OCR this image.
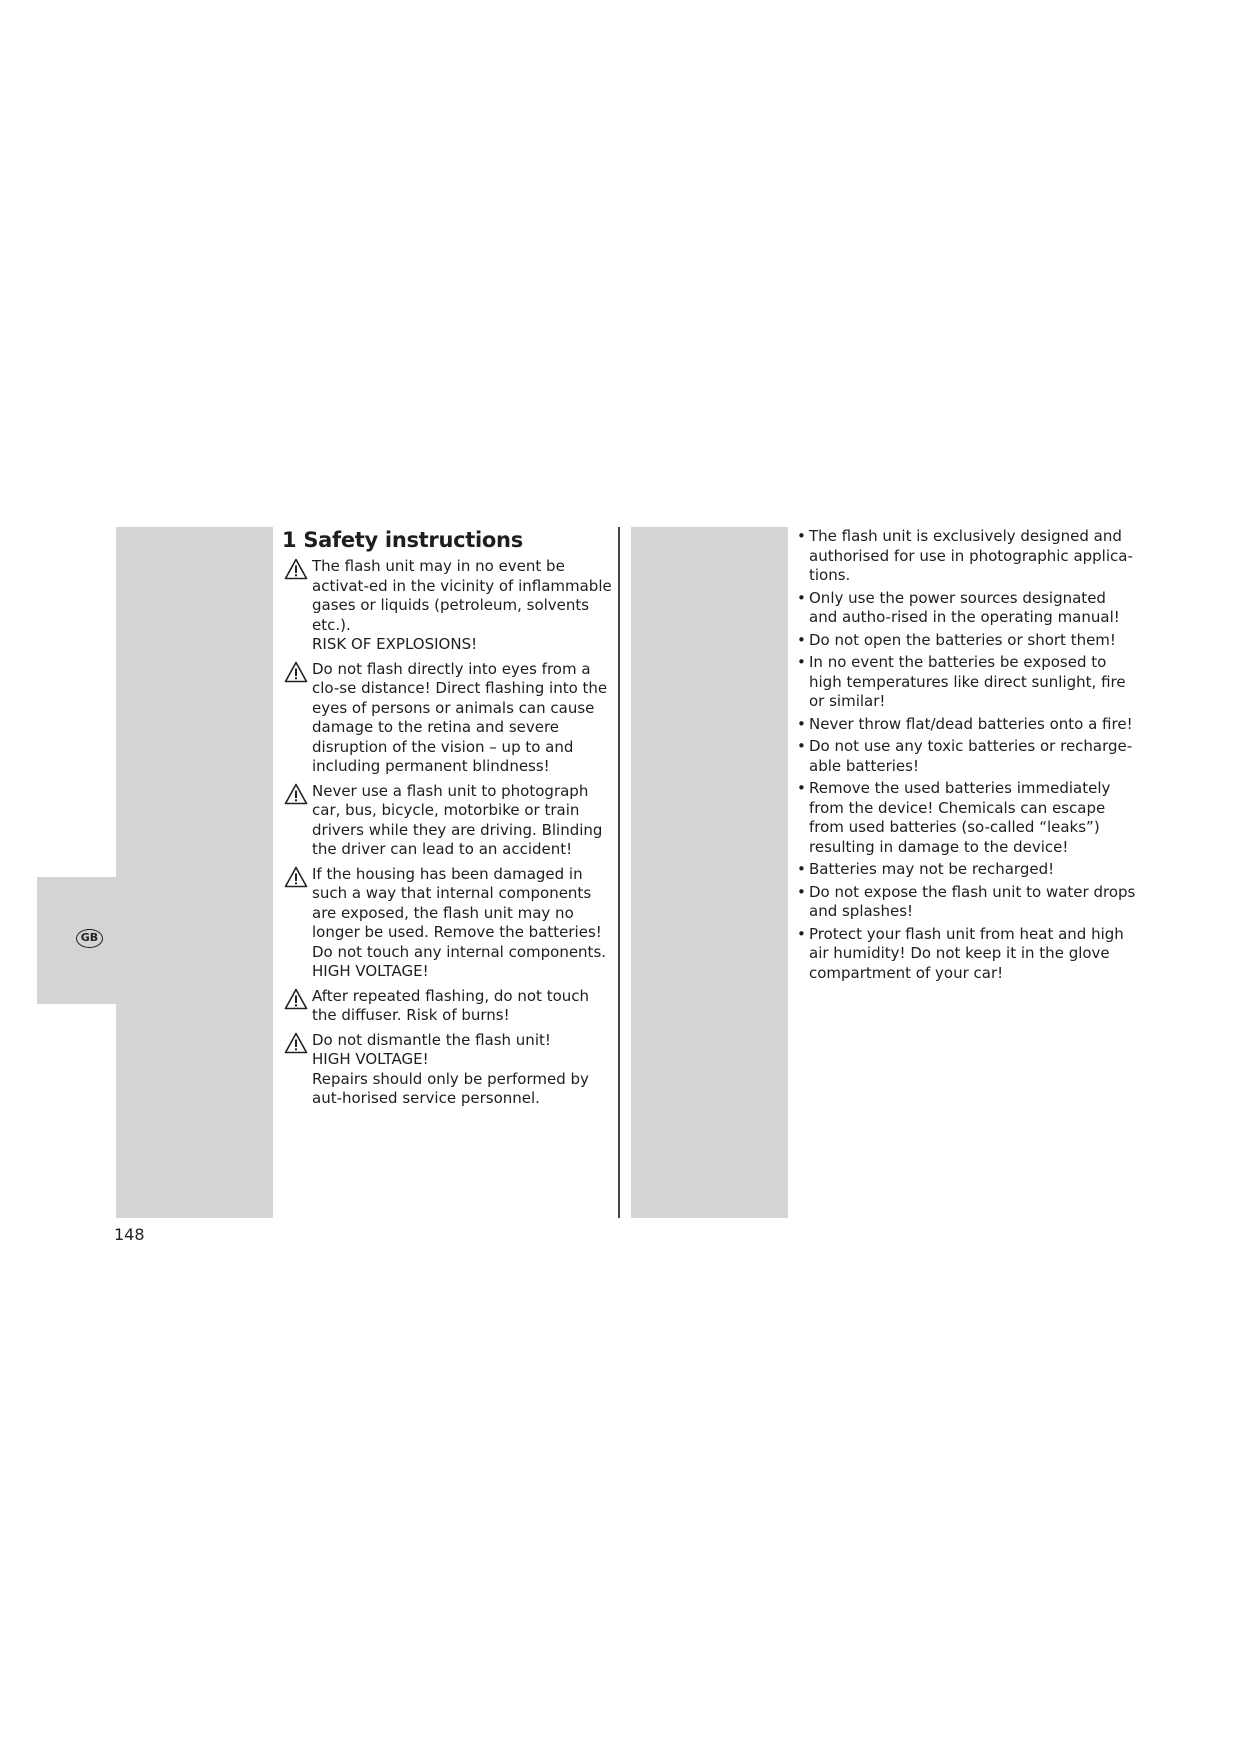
GB
1 Safety instructions
The flash unit may in no event be activat-ed in the vicinity of inflammable gases or liquids (petroleum, solvents etc.).
RISK OF EXPLOSIONS!
Do not flash directly into eyes from a clo-se distance! Direct flashing into the eyes of persons or animals can cause damage to the retina and severe disruption of the vision – up to and including permanent blindness!
Never use a flash unit to photograph car, bus, bicycle, motorbike or train drivers while they are driving. Blinding the driver can lead to an accident!
If the housing has been damaged in such a way that internal components are exposed, the flash unit may no longer be used. Remove the batteries! Do not touch any internal components.
HIGH VOLTAGE!
After repeated flashing, do not touch the diffuser. Risk of burns!
Do not dismantle the flash unit!
HIGH VOLTAGE!
Repairs should only be performed by aut-horised service personnel.
• The flash unit is exclusively designed and authorised for use in photographic applica-tions.
• Only use the power sources designated and autho-rised in the operating manual!
• Do not open the batteries or short them!
• In no event the batteries be exposed to high temperatures like direct sunlight, fire or similar!
• Never throw flat/dead batteries onto a fire!
• Do not use any toxic batteries or recharge-able batteries!
• Remove the used batteries immediately from the device! Chemicals can escape from used batteries (so-called “leaks”) resulting in damage to the device!
• Batteries may not be recharged!
• Do not expose the flash unit to water drops and splashes!
• Protect your flash unit from heat and high air humidity! Do not keep it in the glove compartment of your car!
148
